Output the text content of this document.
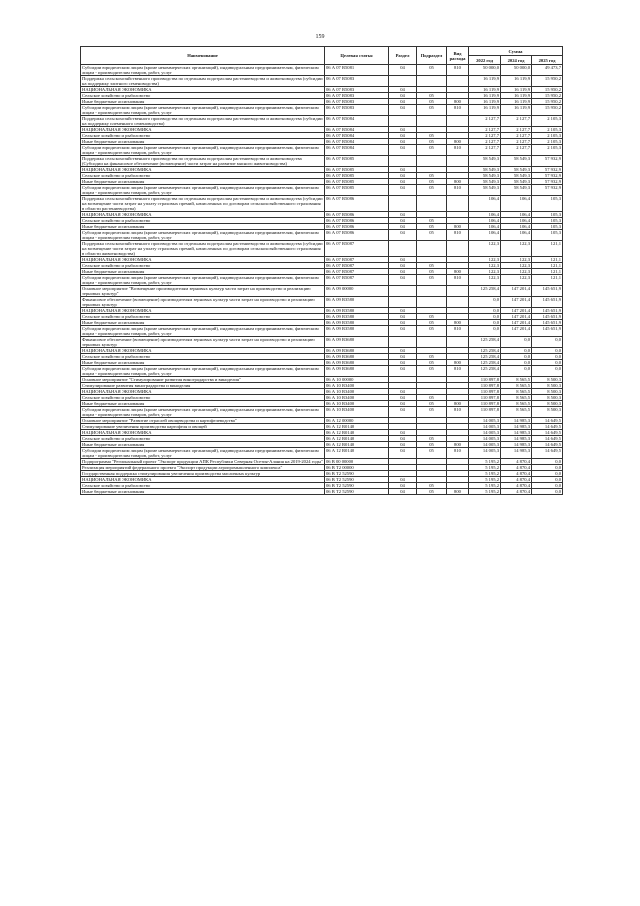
159
Наименование	Целевая статья	Раздел	Подраздел	Вид расхода	Сумма		
					2022 год	2024 год	2025 год
Субсидии юридическим лицам (кроме некоммерческих организаций), индивидуальным предпринимателям, физическим лицам - производителям товаров, работ, услуг	06 А 07 R5081	04	05	810	50 000,0	50 000,0	49 473,7
Поддержка сельскохозяйственного производства по отдельным подотраслям растениеводства и животноводства (субсидии на поддержку элитного семеноводства)	06 А 07 R5083				16 119,9	16 119,9	15 950,2
НАЦИОНАЛЬНАЯ ЭКОНОМИКА	06 А 07 R5083	04			16 119,9	16 119,9	15 950,2
Сельское хозяйство и рыболовство	06 А 07 R5083	04	05		16 119,9	16 119,9	15 950,2
Иные бюджетные ассигнования	06 А 07 R5083	04	05	800	16 119,9	16 119,9	15 950,2
Субсидии юридическим лицам (кроме некоммерческих организаций), индивидуальным предпринимателям, физическим лицам - производителям товаров, работ, услуг	06 А 07 R5083	04	05	810	16 119,9	16 119,9	15 950,2
Поддержка сельскохозяйственного производства по отдельным подотраслям растениеводства и животноводства (субсидии на поддержку племенного семеноводства)	06 А 07 R5084				2 127,7	2 127,7	2 105,3
НАЦИОНАЛЬНАЯ ЭКОНОМИКА	06 А 07 R5084	04			2 127,7	2 127,7	2 105,3
Сельское хозяйство и рыболовство	06 А 07 R5084	04	05		2 127,7	2 127,7	2 105,3
Иные бюджетные ассигнования	06 А 07 R5084	04	05	800	2 127,7	2 127,7	2 105,3
Субсидии юридическим лицам (кроме некоммерческих организаций), индивидуальным предпринимателям, физическим лицам - производителям товаров, работ, услуг	06 А 07 R5084	04	05	810	2 127,7	2 127,7	2 105,3
Поддержка сельскохозяйственного производства по отдельным подотраслям растениеводства и животноводства (Субсидии на финансовое обеспечение (возмещение) части затрат на развитие мясного животноводства)	06 А 07 R5085				58 549,3	58 549,3	57 932,9
НАЦИОНАЛЬНАЯ ЭКОНОМИКА	06 А 07 R5085	04			58 549,3	58 549,3	57 932,9
Сельское хозяйство и рыболовство	06 А 07 R5085	04	05		58 549,3	58 549,3	57 932,9
Иные бюджетные ассигнования	06 А 07 R5085	04	05	800	58 549,3	58 549,3	57 932,9
Субсидии юридическим лицам (кроме некоммерческих организаций), индивидуальным предпринимателям, физическим лицам - производителям товаров, работ, услуг	06 А 07 R5085	04	05	810	58 549,3	58 549,3	57 932,9
Поддержка сельскохозяйственного производства по отдельным подотраслям растениеводства и животноводства (субсидии на возмещение части затрат на уплату страховых премий, начисленных по договорам сельскохозяйственного страхования в области растениеводства)	06 А 07 R5086				106,4	106,4	105,3
НАЦИОНАЛЬНАЯ ЭКОНОМИКА	06 А 07 R5086	04			106,4	106,4	105,3
Сельское хозяйство и рыболовство	06 А 07 R5086	04	05		106,4	106,4	105,3
Иные бюджетные ассигнования	06 А 07 R5086	04	05	800	106,4	106,4	105,3
Субсидии юридическим лицам (кроме некоммерческих организаций), индивидуальным предпринимателям, физическим лицам - производителям товаров, работ, услуг	06 А 07 R5086	04	05	810	106,4	106,4	105,3
Поддержка сельскохозяйственного производства по отдельным подотраслям растениеводства и животноводства (субсидии на возмещение части затрат на уплату страховых премий, начисленных по договорам сельскохозяйственного страхования в области животноводства)	06 А 07 R5087				122,3	122,3	121,1
НАЦИОНАЛЬНАЯ ЭКОНОМИКА	06 А 07 R5087	04			122,3	122,3	121,1
Сельское хозяйство и рыболовство	06 А 07 R5087	04	05		122,3	122,3	121,1
Иные бюджетные ассигнования	06 А 07 R5087	04	05	800	122,3	122,3	121,1
Субсидии юридическим лицам (кроме некоммерческих организаций), индивидуальным предпринимателям, физическим лицам - производителям товаров, работ, услуг	06 А 07 R5087	04	05	810	122,3	122,3	121,1
Основное мероприятие "Возмещение производителям зерновых культур части затрат на производство и реализацию зерновых культур"	06 А 09 00000				125 258,4	147 201,4	145 651,9
Финансовое обеспечение (возмещение) производителям зерновых культур части затрат на производство и реализацию зерновых культур	06 А 09 R3580				0,0	147 201,4	145 651,9
НАЦИОНАЛЬНАЯ ЭКОНОМИКА	06 А 09 R3580	04			0,0	147 201,4	145 651,9
Сельское хозяйство и рыболовство	06 А 09 R3580	04	05		0,0	147 201,4	145 651,9
Иные бюджетные ассигнования	06 А 09 R3580	04	05	800	0,0	147 201,4	145 651,9
Субсидии юридическим лицам (кроме некоммерческих организаций), индивидуальным предпринимателям, физическим лицам - производителям товаров, работ, услуг	06 А 09 R3580	04	05	810	0,0	147 201,4	145 651,9
Финансовое обеспечение (возмещение) производителям зерновых культур части затрат на производство и реализацию зерновых культур	06 А 09 R3680				125 258,4	0,0	0,0
НАЦИОНАЛЬНАЯ ЭКОНОМИКА	06 А 09 R3680	04			125 258,4	0,0	0,0
Сельское хозяйство и рыболовство	06 А 09 R3680	04	05		125 258,4	0,0	0,0
Иные бюджетные ассигнования	06 А 09 R3680	04	05	800	125 258,4	0,0	0,0
Субсидии юридическим лицам (кроме некоммерческих организаций), индивидуальным предпринимателям, физическим лицам - производителям товаров, работ, услуг	06 А 09 R3680	04	05	810	125 258,4	0,0	0,0
Основное мероприятие "Стимулирование развития виноградарства и виноделия"	06 А 10 00000				110 897,8	8 565,5	8 500,3
Стимулирование развития виноградарства и виноделия	06 А 10 R3400				110 897,8	8 565,5	8 500,3
НАЦИОНАЛЬНАЯ ЭКОНОМИКА	06 А 10 R3400	04			110 897,8	8 565,5	8 500,3
Сельское хозяйство и рыболовство	06 А 10 R3400	04	05		110 897,8	8 565,5	8 500,3
Иные бюджетные ассигнования	06 А 10 R3400	04	05	800	110 897,8	8 565,5	8 500,3
Субсидии юридическим лицам (кроме некоммерческих организаций), индивидуальным предпринимателям, физическим лицам - производителям товаров, работ, услуг	06 А 10 R3400	04	05	810	110 897,8	8 565,5	8 500,3
Основное мероприятие "Развитие отраслей овощеводства и картофелеводства"	06 А 12 00000				14 005,3	14 985,3	14 649,5
Стимулирование увеличения производства картофеля и овощей	06 А 12 R0140				14 005,3	14 985,3	14 649,5
НАЦИОНАЛЬНАЯ ЭКОНОМИКА	06 А 12 R0140	04			14 005,3	14 985,3	14 649,5
Сельское хозяйство и рыболовство	06 А 12 R0140	04	05		14 005,3	14 985,3	14 649,5
Иные бюджетные ассигнования	06 А 12 R0140	04	05	800	14 005,3	14 985,3	14 649,5
Субсидии юридическим лицам (кроме некоммерческих организаций), индивидуальным предпринимателям, физическим лицам - производителям товаров, работ, услуг	06 А 12 R0140	04	05	810	14 005,3	14 985,3	14 649,5
Подпрограмма "Региональный проект "Экспорт продукции АПК Республики Северная Осетия-Алания на 2019-2024 годы"	06 В 00 00000				5 195,2	4 870,4	0,0
Реализация мероприятий федерального проекта "Экспорт продукции агропромышленного комплекса"	06 В Т2 00000				5 195,2	4 870,4	0,0
Государственная поддержка стимулирования увеличения производства масличных культур	06 В Т2 52590				5 195,2	4 870,4	0,0
НАЦИОНАЛЬНАЯ ЭКОНОМИКА	06 В Т2 52590	04			5 195,2	4 870,4	0,0
Сельское хозяйство и рыболовство	06 В Т2 52590	04	05		5 195,2	4 870,4	0,0
Иные бюджетные ассигнования	06 В Т2 52590	04	05	800	5 195,2	4 870,4	0,0
